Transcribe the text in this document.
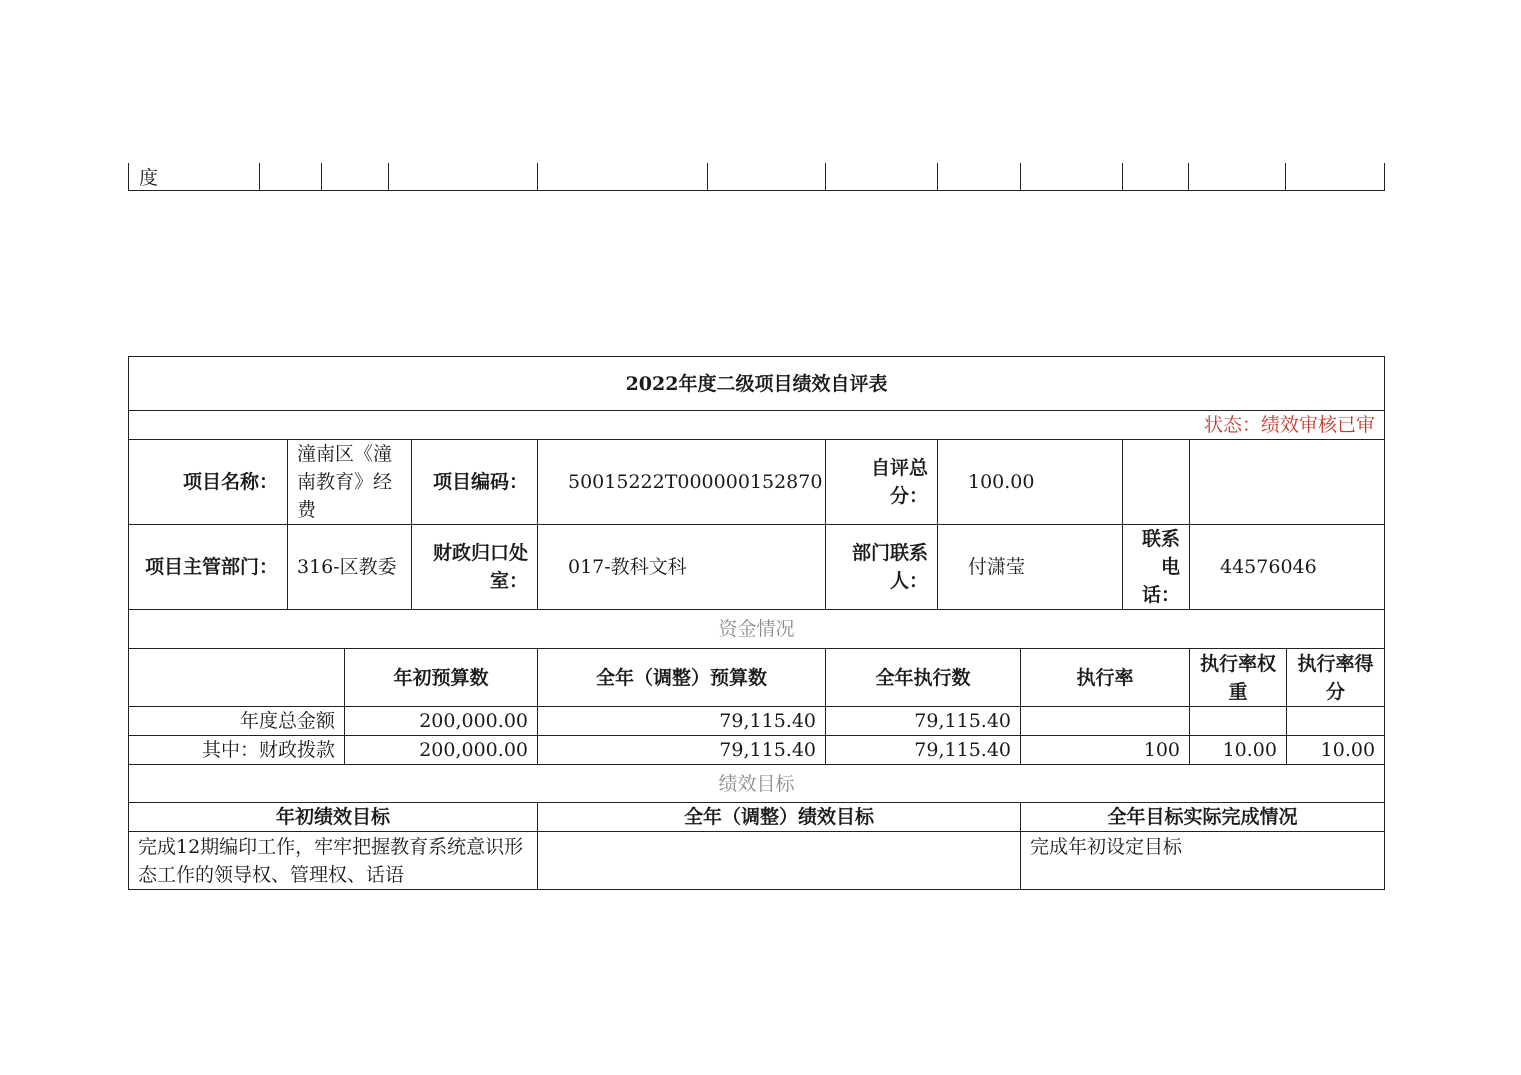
度											
2022年度二级项目绩效自评表										
状态：绩效审核已审										
项目名称：	潼南区《潼南教育》经费		项目编码：	50015222T000000152870	自评总分：	100.00				
项目主管部门：	316-区教委		财政归口处室：	017-教科文科	部门联系人：	付潇莹		联系电话：	44576046	
资金情况										
		年初预算数		全年（调整）预算数	全年执行数		执行率		执行率权重	执行率得分
年度总金额		200,000.00		79,115.40	79,115.40					
其中：财政拨款		200,000.00		79,115.40	79,115.40		100		10.00	10.00
绩效目标										
年初绩效目标				全年（调整）绩效目标			全年目标实际完成情况			
完成12期编印工作，牢牢把握教育系统意识形态工作的领导权、管理权、话语							完成年初设定目标			
